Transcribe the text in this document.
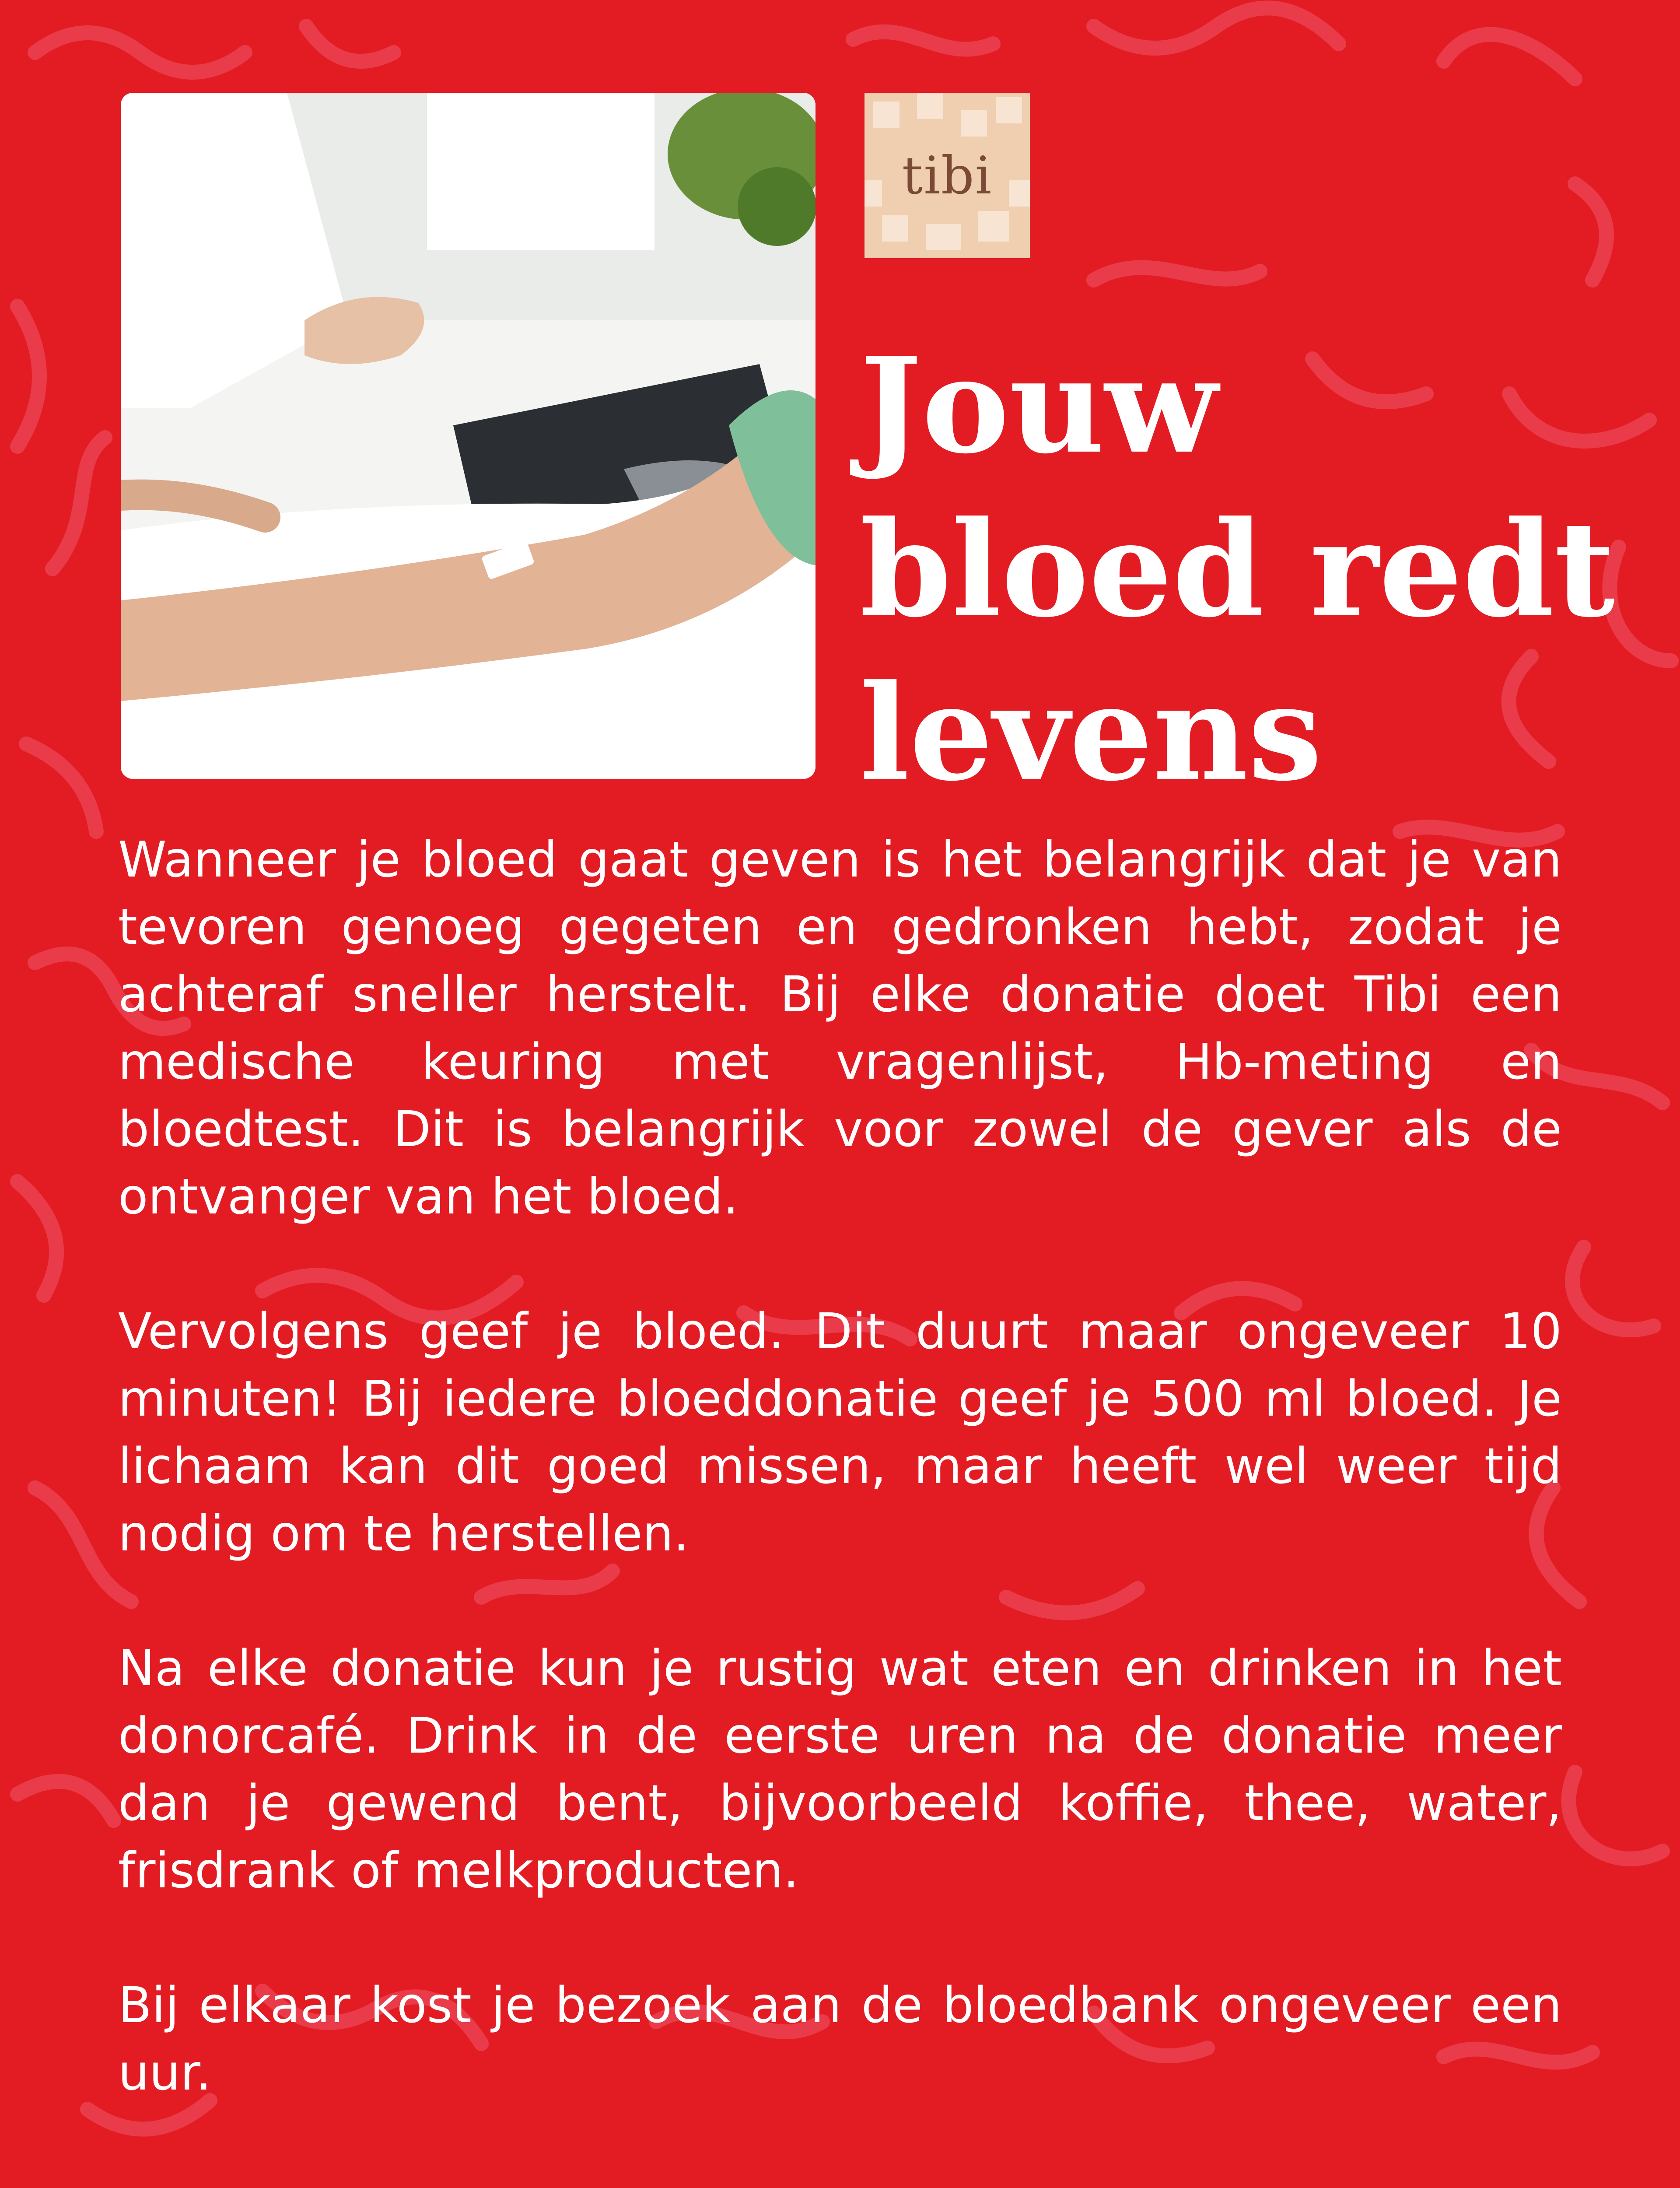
tibi
Jouw
bloed redt
levens

Wanneer je bloed gaat geven is het belangrijk dat je van tevoren genoeg gegeten en gedronken hebt, zodat je achteraf sneller herstelt. Bij elke donatie doet Tibi een medische keuring met vragenlijst, Hb-meting en bloedtest. Dit is belangrijk voor zowel de gever als de ontvanger van het bloed.

Vervolgens geef je bloed. Dit duurt maar ongeveer 10 minuten! Bij iedere bloeddonatie geef je 500 ml bloed. Je lichaam kan dit goed missen, maar heeft wel weer tijd nodig om te herstellen.

Na elke donatie kun je rustig wat eten en drinken in het donorcafé. Drink in de eerste uren na de donatie meer dan je gewend bent, bijvoorbeeld koffie, thee, water, frisdrank of melkproducten.

Bij elkaar kost je bezoek aan de bloedbank ongeveer een uur.
